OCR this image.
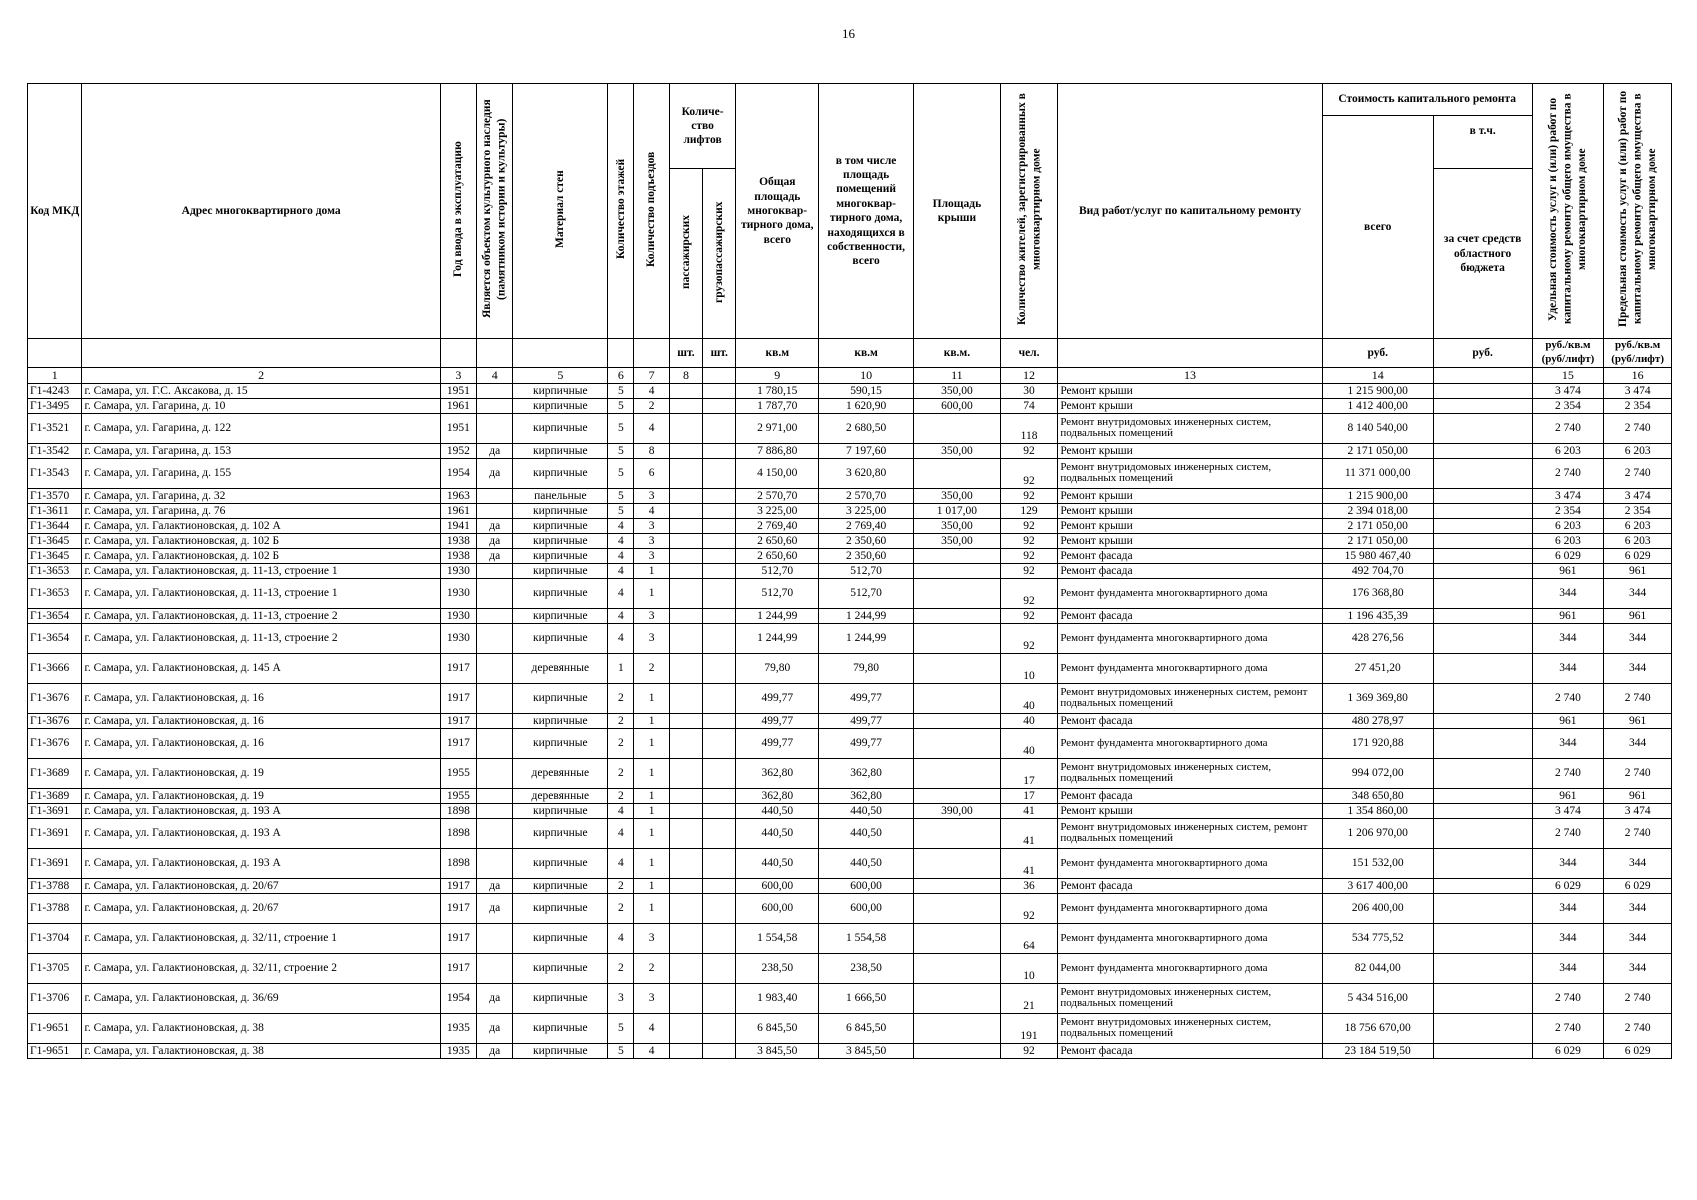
16
Код МКД	Адрес многоквартирного дома	Год ввода в эксплуатацию	Является объектом культурного наследия (памятником истории и культуры)	Материал стен	Количество этажей	Количество подъездов	Количе-ство лифтов		Общая площадь многоквар-тирного дома, всего	в том числе площадь помещений многоквар-тирного дома, находящихся в собственности, всего	Площадь крыши	Количество жителей, зарегистрированных в многоквартирном доме	Вид работ/услуг по капитальному ремонту	Стоимость капитального ремонта		Удельная стоимость услуг и (или) работ по капитальному ремонту общего имущества в многоквартирном доме	Предельная стоимость услуг и (или) работ по капитальному ремонту общего имущества в многоквартирном доме
														всего	в т.ч.		
							пассажирских	грузопассажирских							за счет средств областного бюджета		
							шт.	шт.	кв.м	кв.м	кв.м.	чел.		руб.	руб.	руб./кв.м (руб/лифт)	руб./кв.м (руб/лифт)
1	2	3	4	5	6	7	8		9	10	11	12	13	14		15	16
Г1-4243	г. Самара, ул. Г.С. Аксакова, д. 15	1951		кирпичные	5	4			1 780,15	590,15	350,00	30	Ремонт крыши	1 215 900,00		3 474	3 474
Г1-3495	г. Самара, ул. Гагарина, д. 10	1961		кирпичные	5	2			1 787,70	1 620,90	600,00	74	Ремонт крыши	1 412 400,00		2 354	2 354
Г1-3521	г. Самара, ул. Гагарина, д. 122	1951		кирпичные	5	4			2 971,00	2 680,50		118	Ремонт внутридомовых инженерных систем, подвальных помещений	8 140 540,00		2 740	2 740
Г1-3542	г. Самара, ул. Гагарина, д. 153	1952	да	кирпичные	5	8			7 886,80	7 197,60	350,00	92	Ремонт крыши	2 171 050,00		6 203	6 203
Г1-3543	г. Самара, ул. Гагарина, д. 155	1954	да	кирпичные	5	6			4 150,00	3 620,80		92	Ремонт внутридомовых инженерных систем, подвальных помещений	11 371 000,00		2 740	2 740
Г1-3570	г. Самара, ул. Гагарина, д. 32	1963		панельные	5	3			2 570,70	2 570,70	350,00	92	Ремонт крыши	1 215 900,00		3 474	3 474
Г1-3611	г. Самара, ул. Гагарина, д. 76	1961		кирпичные	5	4			3 225,00	3 225,00	1 017,00	129	Ремонт крыши	2 394 018,00		2 354	2 354
Г1-3644	г. Самара, ул. Галактионовская, д. 102 А	1941	да	кирпичные	4	3			2 769,40	2 769,40	350,00	92	Ремонт крыши	2 171 050,00		6 203	6 203
Г1-3645	г. Самара, ул. Галактионовская, д. 102 Б	1938	да	кирпичные	4	3			2 650,60	2 350,60	350,00	92	Ремонт крыши	2 171 050,00		6 203	6 203
Г1-3645	г. Самара, ул. Галактионовская, д. 102 Б	1938	да	кирпичные	4	3			2 650,60	2 350,60		92	Ремонт фасада	15 980 467,40		6 029	6 029
Г1-3653	г. Самара, ул. Галактионовская, д. 11-13, строение 1	1930		кирпичные	4	1			512,70	512,70		92	Ремонт фасада	492 704,70		961	961
Г1-3653	г. Самара, ул. Галактионовская, д. 11-13, строение 1	1930		кирпичные	4	1			512,70	512,70		92	Ремонт фундамента многоквартирного дома	176 368,80		344	344
Г1-3654	г. Самара, ул. Галактионовская, д. 11-13, строение 2	1930		кирпичные	4	3			1 244,99	1 244,99		92	Ремонт фасада	1 196 435,39		961	961
Г1-3654	г. Самара, ул. Галактионовская, д. 11-13, строение 2	1930		кирпичные	4	3			1 244,99	1 244,99		92	Ремонт фундамента многоквартирного дома	428 276,56		344	344
Г1-3666	г. Самара, ул. Галактионовская, д. 145 А	1917		деревянные	1	2			79,80	79,80		10	Ремонт фундамента многоквартирного дома	27 451,20		344	344
Г1-3676	г. Самара, ул. Галактионовская, д. 16	1917		кирпичные	2	1			499,77	499,77		40	Ремонт внутридомовых инженерных систем, ремонт подвальных помещений	1 369 369,80		2 740	2 740
Г1-3676	г. Самара, ул. Галактионовская, д. 16	1917		кирпичные	2	1			499,77	499,77		40	Ремонт фасада	480 278,97		961	961
Г1-3676	г. Самара, ул. Галактионовская, д. 16	1917		кирпичные	2	1			499,77	499,77		40	Ремонт фундамента многоквартирного дома	171 920,88		344	344
Г1-3689	г. Самара, ул. Галактионовская, д. 19	1955		деревянные	2	1			362,80	362,80		17	Ремонт внутридомовых инженерных систем, подвальных помещений	994 072,00		2 740	2 740
Г1-3689	г. Самара, ул. Галактионовская, д. 19	1955		деревянные	2	1			362,80	362,80		17	Ремонт фасада	348 650,80		961	961
Г1-3691	г. Самара, ул. Галактионовская, д. 193 А	1898		кирпичные	4	1			440,50	440,50	390,00	41	Ремонт крыши	1 354 860,00		3 474	3 474
Г1-3691	г. Самара, ул. Галактионовская, д. 193 А	1898		кирпичные	4	1			440,50	440,50		41	Ремонт внутридомовых инженерных систем, ремонт подвальных помещений	1 206 970,00		2 740	2 740
Г1-3691	г. Самара, ул. Галактионовская, д. 193 А	1898		кирпичные	4	1			440,50	440,50		41	Ремонт фундамента многоквартирного дома	151 532,00		344	344
Г1-3788	г. Самара, ул. Галактионовская, д. 20/67	1917	да	кирпичные	2	1			600,00	600,00		36	Ремонт фасада	3 617 400,00		6 029	6 029
Г1-3788	г. Самара, ул. Галактионовская, д. 20/67	1917	да	кирпичные	2	1			600,00	600,00		92	Ремонт фундамента многоквартирного дома	206 400,00		344	344
Г1-3704	г. Самара, ул. Галактионовская, д. 32/11, строение 1	1917		кирпичные	4	3			1 554,58	1 554,58		64	Ремонт фундамента многоквартирного дома	534 775,52		344	344
Г1-3705	г. Самара, ул. Галактионовская, д. 32/11, строение 2	1917		кирпичные	2	2			238,50	238,50		10	Ремонт фундамента многоквартирного дома	82 044,00		344	344
Г1-3706	г. Самара, ул. Галактионовская, д. 36/69	1954	да	кирпичные	3	3			1 983,40	1 666,50		21	Ремонт внутридомовых инженерных систем, подвальных помещений	5 434 516,00		2 740	2 740
Г1-9651	г. Самара, ул. Галактионовская, д. 38	1935	да	кирпичные	5	4			6 845,50	6 845,50		191	Ремонт внутридомовых инженерных систем, подвальных помещений	18 756 670,00		2 740	2 740
Г1-9651	г. Самара, ул. Галактионовская, д. 38	1935	да	кирпичные	5	4			3 845,50	3 845,50		92	Ремонт фасада	23 184 519,50		6 029	6 029
